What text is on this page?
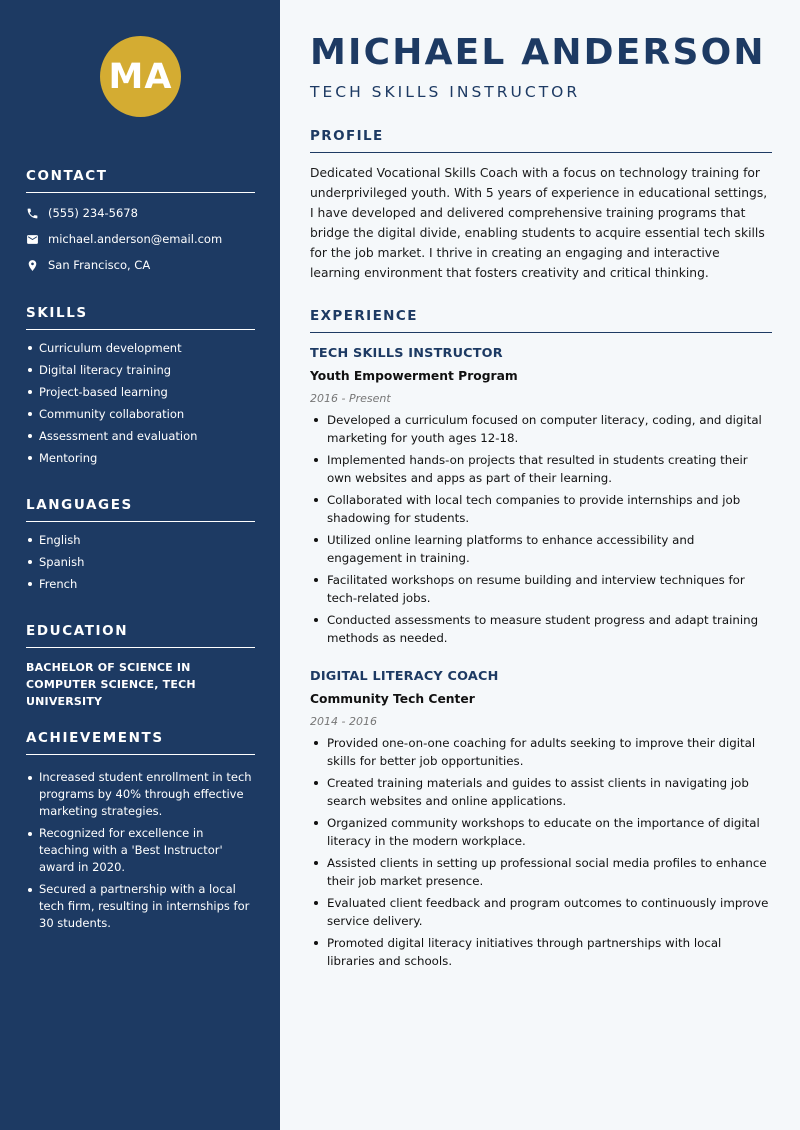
MA
CONTACT
(555) 234-5678
michael.anderson@email.com
San Francisco, CA
SKILLS
Curriculum development
Digital literacy training
Project-based learning
Community collaboration
Assessment and evaluation
Mentoring
LANGUAGES
English
Spanish
French
EDUCATION

BACHELOR OF SCIENCE IN COMPUTER SCIENCE, TECH UNIVERSITY

ACHIEVEMENTS
Increased student enrollment in tech programs by 40% through effective marketing strategies.
Recognized for excellence in teaching with a 'Best Instructor' award in 2020.
Secured a partnership with a local tech firm, resulting in internships for 30 students.
MICHAEL ANDERSON
TECH SKILLS INSTRUCTOR
PROFILE

Dedicated Vocational Skills Coach with a focus on technology training for underprivileged youth. With 5 years of experience in educational settings, I have developed and delivered comprehensive training programs that bridge the digital divide, enabling students to acquire essential tech skills for the job market. I thrive in creating an engaging and interactive learning environment that fosters creativity and critical thinking.

EXPERIENCE
TECH SKILLS INSTRUCTOR
Youth Empowerment Program
2016 - Present
Developed a curriculum focused on computer literacy, coding, and digital marketing for youth ages 12-18.
Implemented hands-on projects that resulted in students creating their own websites and apps as part of their learning.
Collaborated with local tech companies to provide internships and job shadowing for students.
Utilized online learning platforms to enhance accessibility and engagement in training.
Facilitated workshops on resume building and interview techniques for tech-related jobs.
Conducted assessments to measure student progress and adapt training methods as needed.
DIGITAL LITERACY COACH
Community Tech Center
2014 - 2016
Provided one-on-one coaching for adults seeking to improve their digital skills for better job opportunities.
Created training materials and guides to assist clients in navigating job search websites and online applications.
Organized community workshops to educate on the importance of digital literacy in the modern workplace.
Assisted clients in setting up professional social media profiles to enhance their job market presence.
Evaluated client feedback and program outcomes to continuously improve service delivery.
Promoted digital literacy initiatives through partnerships with local libraries and schools.
